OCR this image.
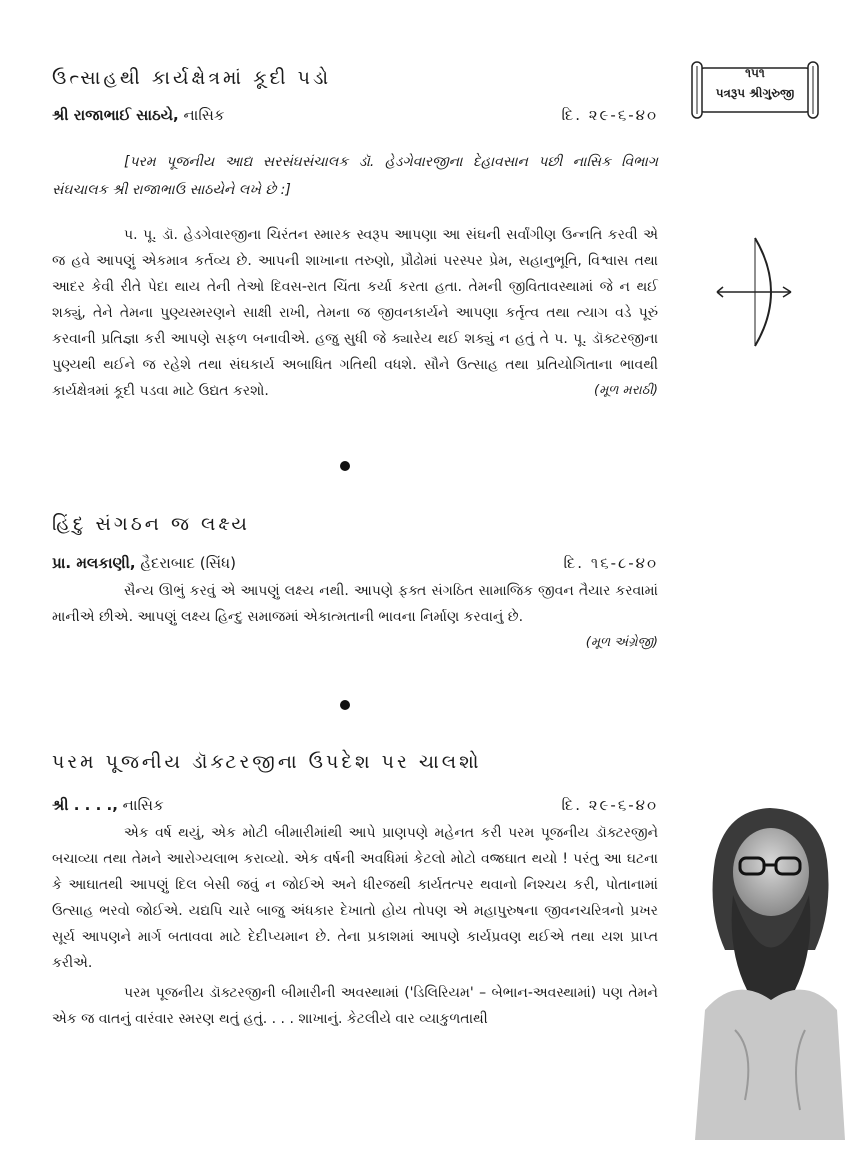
૧૫૧
પત્રરૂપ શ્રીગુરુજી
ઉત્સાહથી કાર્યક્ષેત્રમાં કૂદી પડો
શ્રી રાજાભાઈ સાઠયે, નાસિક	દિ. ૨૯-૬-૪૦

[પરમ પૂજનીય આદ્ય સરસંઘસંચાલક ડૉ. હેડગેવારજીના દેહાવસાન પછી નાસિક વિભાગ સંઘચાલક શ્રી રાજાભાઉ સાઠયેને લખે છે :]

પ. પૂ. ડૉ. હેડગેવારજીના ચિરંતન સ્મારક સ્વરૂપ આપણા આ સંઘની સર્વાંગીણ ઉન્નતિ કરવી એ જ હવે આપણું એકમાત્ર કર્તવ્ય છે. આપની શાખાના તરુણો, પ્રૌઢોમાં પરસ્પર પ્રેમ, સહાનુભૂતિ, વિશ્વાસ તથા આદર કેવી રીતે પેદા થાય તેની તેઓ દિવસ-રાત ચિંતા કર્યા કરતા હતા. તેમની જીવિતાવસ્થામાં જે ન થઈ શક્યું, તેને તેમના પુણ્યસ્મરણને સાક્ષી રાખી, તેમના જ જીવનકાર્યને આપણા કર્તૃત્વ તથા ત્યાગ વડે પૂરું કરવાની પ્રતિજ્ઞા કરી આપણે સફળ બનાવીએ. હજુ સુધી જે ક્યારેય થઈ શક્યું ન હતું તે પ. પૂ. ડૉક્ટરજીના પુણ્યથી થઈને જ રહેશે તથા સંઘકાર્ય અબાધિત ગતિથી વધશે. સૌને ઉત્સાહ તથા પ્રતિયોગિતાના ભાવથી કાર્યક્ષેત્રમાં કૂદી પડવા માટે ઉદ્યત કરશો.	(મૂળ મરાઠી)

હિંદુ સંગઠન જ લક્ષ્ય
પ્રા. મલકાણી, હૈદરાબાદ (સિંધ)	દિ. ૧૬-૮-૪૦

સૈન્ય ઊભું કરવું એ આપણું લક્ષ્ય નથી. આપણે ફક્ત સંગઠિત સામાજિક જીવન તૈયાર કરવામાં માનીએ છીએ. આપણું લક્ષ્ય હિન્દુ સમાજમાં એકાત્મતાની ભાવના નિર્માણ કરવાનું છે.
(મૂળ અંગ્રેજી)

પરમ પૂજનીય ડૉક્ટરજીના ઉપદેશ પર ચાલશો
શ્રી . . . ., નાસિક	દિ. ૨૯-૬-૪૦

એક વર્ષ થયું, એક મોટી બીમારીમાંથી આપે પ્રાણપણે મહેનત કરી પરમ પૂજનીય ડૉક્ટરજીને બચાવ્યા તથા તેમને આરોગ્યલાભ કરાવ્યો. એક વર્ષની અવધિમાં કેટલો મોટો વજ્રઘાત થયો ! પરંતુ આ ઘટના કે આઘાતથી આપણું દિલ બેસી જવું ન જોઈએ અને ધીરજથી કાર્યતત્પર થવાનો નિશ્ચય કરી, પોતાનામાં ઉત્સાહ ભરવો જોઈએ. યદ્યપિ ચારે બાજુ અંધકાર દેખાતો હોય તોપણ એ મહાપુરુષના જીવનચરિત્રનો પ્રખર સૂર્ય આપણને માર્ગ બતાવવા માટે દેદીપ્યમાન છે. તેના પ્રકાશમાં આપણે કાર્યપ્રવણ થઈએ તથા યશ પ્રાપ્ત કરીએ.

પરમ પૂજનીય ડૉક્ટરજીની બીમારીની અવસ્થામાં ('ડિલિરિયમ' – બેભાન-અવસ્થામાં) પણ તેમને એક જ વાતનું વારંવાર સ્મરણ થતું હતું. . . . શાખાનું. કેટલીયે વાર વ્યાકુળતાથી
